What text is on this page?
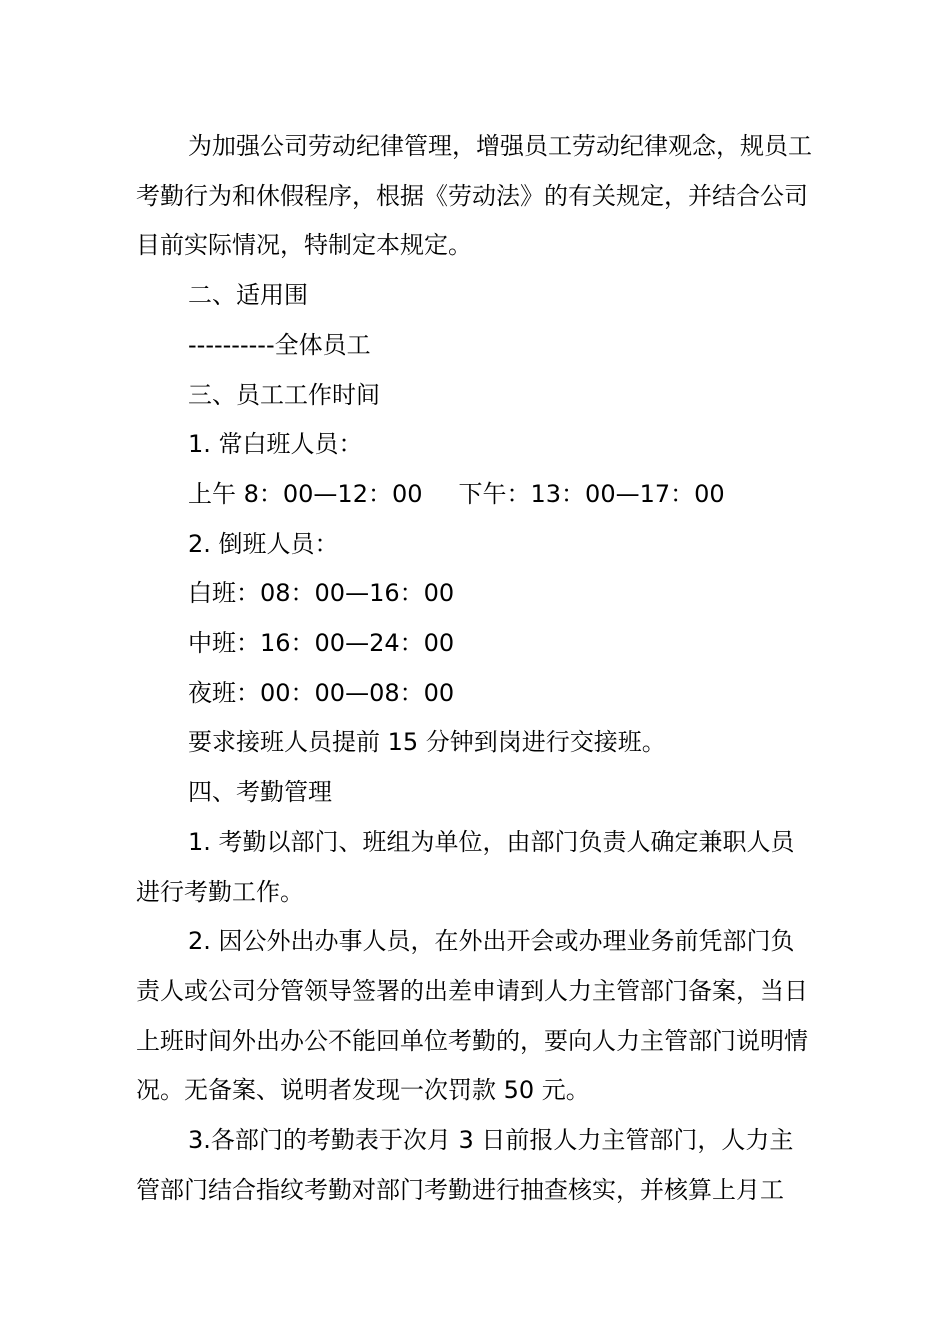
为加强公司劳动纪律管理，增强员工劳动纪律观念，规员工

考勤行为和休假程序，根据《劳动法》的有关规定，并结合公司

目前实际情况，特制定本规定。

二、适用围

----------全体员工

三、员工工作时间

1. 常白班人员：

上午 8：00—12：00 下午：13：00—17：00

2. 倒班人员：

白班：08：00—16：00

中班：16：00—24：00

夜班：00：00—08：00

要求接班人员提前 15 分钟到岗进行交接班。

四、考勤管理

1. 考勤以部门、班组为单位，由部门负责人确定兼职人员

进行考勤工作。

2. 因公外出办事人员，在外出开会或办理业务前凭部门负

责人或公司分管领导签署的出差申请到人力主管部门备案，当日

上班时间外出办公不能回单位考勤的，要向人力主管部门说明情

况。无备案、说明者发现一次罚款 50 元。

3.各部门的考勤表于次月 3 日前报人力主管部门，人力主

管部门结合指纹考勤对部门考勤进行抽查核实，并核算上月工
